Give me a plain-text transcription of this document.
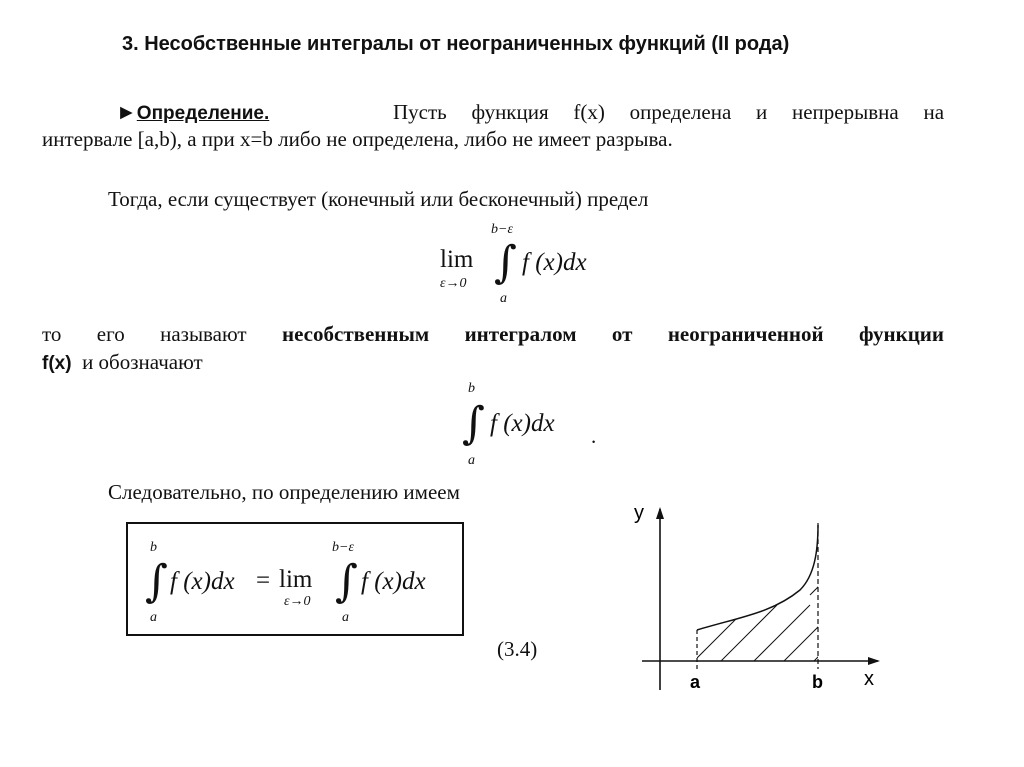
3. Несобственные интегралы от неограниченных функций (II рода)
►Определение.	Пусть функция f(x) определена и непрерывна на
интервале [a,b), а при x=b либо не определена, либо не имеет разрыва.
Тогда, если существует (конечный или бесконечный) предел
lim
ε→0 ∫
b−ε
a
f (x)dx
то его называют несобственным интегралом от неограниченной функции
f(x) и обозначают
∫
b
a
f (x)dx .
Следовательно, по определению имеем
∫
b
a
f (x)dx = lim
ε→0 ∫
b−ε
a
f (x)dx
(3.4)
y
x
a	b
